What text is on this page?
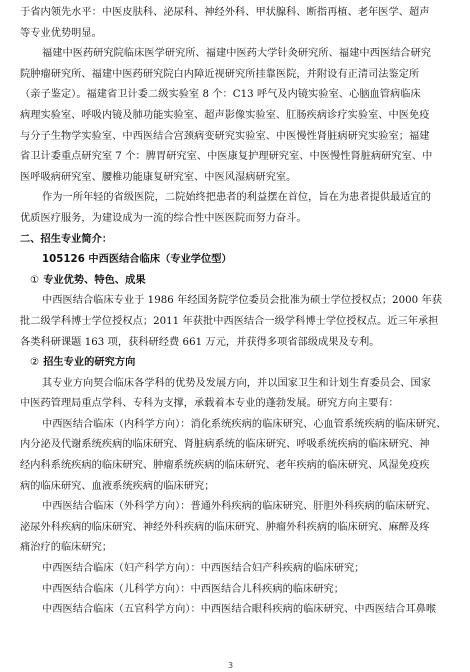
于省内领先水平：中医皮肤科、泌尿科、神经外科、甲状腺科、断指再植、老年医学、超声
等专业优势明显。
福建中医药研究院临床医学研究所、福建中医药大学针灸研究所、福建中西医结合研究
院肿瘤研究所、福建中医药研究院白内障近视研究所挂靠医院，并附设有正清司法鉴定所
（亲子鉴定）。福建省卫计委二级实验室 8 个：C13 呼气及内镜实验室、心脑血管病临床
病理实验室、呼吸内镜及肺功能实验室、超声影像实验室、肛肠疾病诊疗实验室、中医免疫
与分子生物学实验室、中西医结合宫颈病变研究实验室、中医慢性肾脏病研究实验室；福建
省卫计委重点研究室 7 个：脾胃研究室、中医康复护理研究室、中医慢性肾脏病研究室、中
医呼吸病研究室、腰椎功能康复研究室、中医风湿病研究室。
作为一所年轻的省级医院，二院始终把患者的利益摆在首位，旨在为患者提供最适宜的
优质医疗服务，为建设成为一流的综合性中医医院而努力奋斗。
二、招生专业简介：
105126 中西医结合临床（专业学位型）
① 专业优势、特色、成果
中西医结合临床专业于 1986 年经国务院学位委员会批准为硕士学位授权点；2000 年获
批二级学科博士学位授权点；2011 年获批中西医结合一级学科博士学位授权点。近三年承担
各类科研课题 163 项，获科研经费 661 万元，并获得多项省部级成果及专利。
② 招生专业的研究方向
其专业方向契合临床各学科的优势及发展方向，并以国家卫生和计划生育委员会、国家
中医药管理局重点学科、专科为支撑，承载着本专业的蓬勃发展。研究方向主要有：
中西医结合临床（内科学方向）：消化系统疾病的临床研究、心血管系统疾病的临床研究、
内分泌及代谢系统疾病的临床研究、肾脏病系统的临床研究、呼吸系统疾病的临床研究、神
经内科系统疾病的临床研究、肿瘤系统疾病的临床研究、老年疾病的临床研究、风湿免疫疾
病的临床研究、血液系统疾病的临床研究；
中西医结合临床（外科学方向）：普通外科疾病的临床研究、肝胆外科疾病的临床研究、
泌尿外科疾病的临床研究、神经外科疾病的临床研究、肿瘤外科疾病的临床研究、麻醉及疼
痛治疗的临床研究；
中西医结合临床（妇产科学方向）：中西医结合妇产科疾病的临床研究；
中西医结合临床（儿科学方向）：中西医结合儿科疾病的临床研究；
中西医结合临床（五官科学方向）：中西医结合眼科疾病的临床研究、中西医结合耳鼻喉
3
